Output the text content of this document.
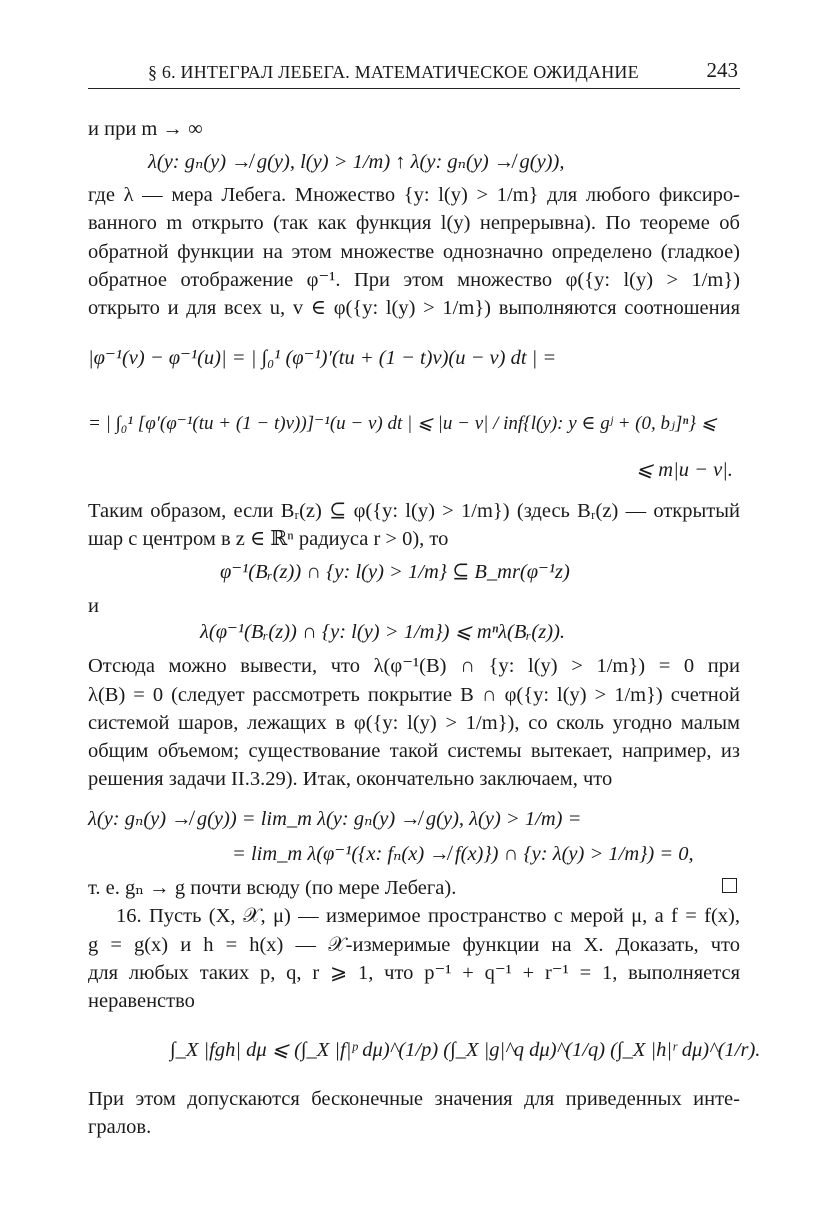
§ 6. ИНТЕГРАЛ ЛЕБЕГА. МАТЕМАТИЧЕСКОЕ ОЖИДАНИЕ	243
и при m → ∞
λ(y: gₙ(y) ↛ g(y), l(y) > 1/m) ↑ λ(y: gₙ(y) ↛ g(y)),
где λ — мера Лебега. Множество {y: l(y) > 1/m} для любого фиксиро-
ванного m открыто (так как функция l(y) непрерывна). По теореме об
обратной функции на этом множестве однозначно определено (гладкое)
обратное отображение φ⁻¹. При этом множество φ({y: l(y) > 1/m})
открыто и для всех u, v ∈ φ({y: l(y) > 1/m}) выполняются соотношения
|φ⁻¹(v) − φ⁻¹(u)| = | ∫₀¹ (φ⁻¹)′(tu + (1 − t)v)(u − v) dt | =
= | ∫₀¹ [φ′(φ⁻¹(tu + (1 − t)v))]⁻¹(u − v) dt | ⩽ |u − v| / inf{l(y): y ∈ gʲ + (0, bⱼ]ⁿ} ⩽
⩽ m|u − v|.
Таким образом, если Bᵣ(z) ⊆ φ({y: l(y) > 1/m}) (здесь Bᵣ(z) — открытый
шар с центром в z ∈ ℝⁿ радиуса r > 0), то
φ⁻¹(Bᵣ(z)) ∩ {y: l(y) > 1/m} ⊆ B_mr(φ⁻¹z)
и
λ(φ⁻¹(Bᵣ(z)) ∩ {y: l(y) > 1/m}) ⩽ mⁿλ(Bᵣ(z)).
Отсюда можно вывести, что λ(φ⁻¹(B) ∩ {y: l(y) > 1/m}) = 0 при
λ(B) = 0 (следует рассмотреть покрытие B ∩ φ({y: l(y) > 1/m}) счетной
системой шаров, лежащих в φ({y: l(y) > 1/m}), со сколь угодно малым
общим объемом; существование такой системы вытекает, например, из
решения задачи II.3.29). Итак, окончательно заключаем, что
λ(y: gₙ(y) ↛ g(y)) = lim_m λ(y: gₙ(y) ↛ g(y), λ(y) > 1/m) =
= lim_m λ(φ⁻¹({x: fₙ(x) ↛ f(x)}) ∩ {y: λ(y) > 1/m}) = 0,
т. е. gₙ → g почти всюду (по мере Лебега).
16. Пусть (X, 𝒳, μ) — измеримое пространство с мерой μ, а f = f(x),
g = g(x) и h = h(x) — 𝒳-измеримые функции на X. Доказать, что
для любых таких p, q, r ⩾ 1, что p⁻¹ + q⁻¹ + r⁻¹ = 1, выполняется
неравенство
∫_X |fgh| dμ ⩽ (∫_X |f|ᵖ dμ)^(1/p) (∫_X |g|^q dμ)^(1/q) (∫_X |h|ʳ dμ)^(1/r).
При этом допускаются бесконечные значения для приведенных инте-
гралов.
